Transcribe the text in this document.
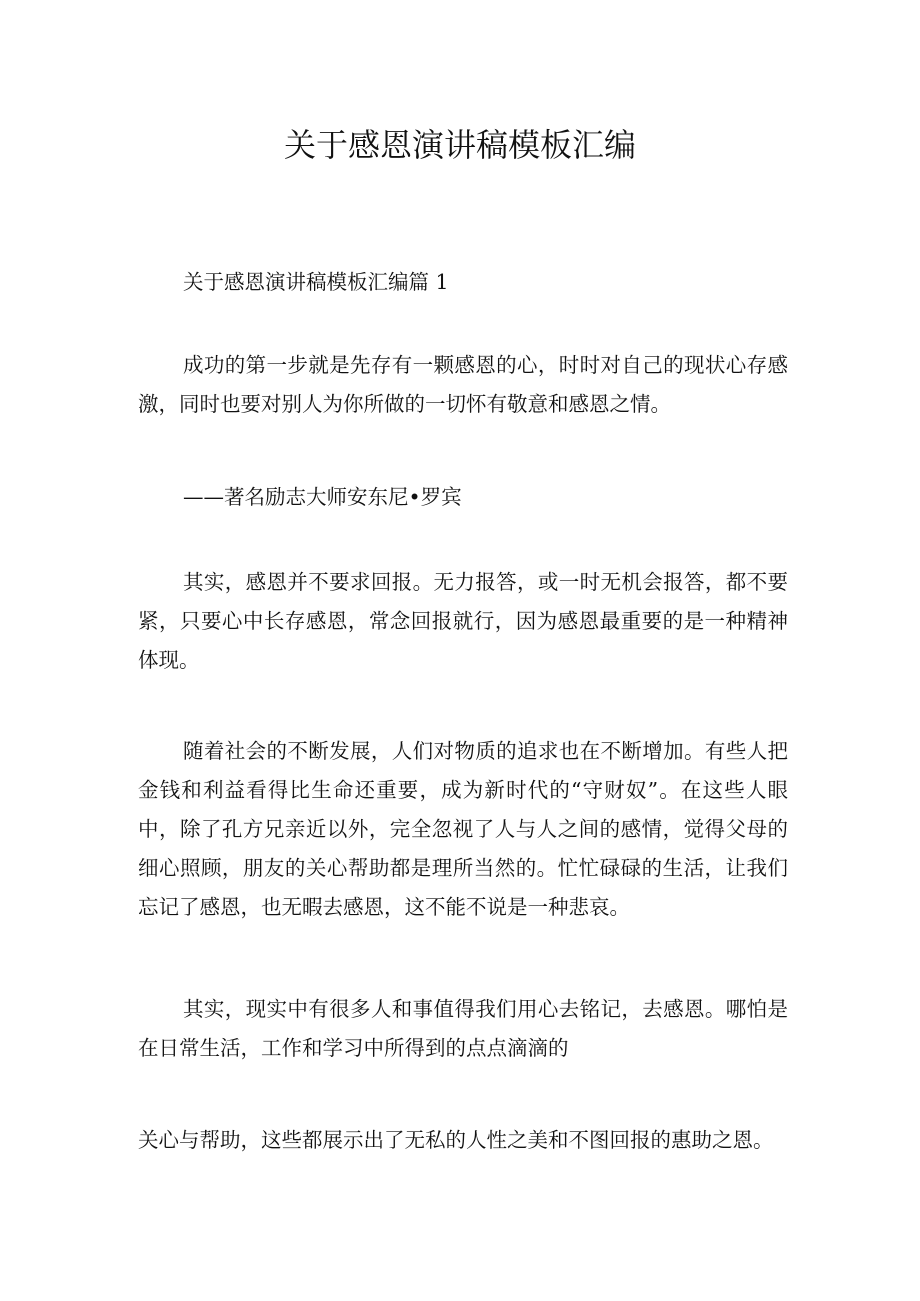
关于感恩演讲稿模板汇编

关于感恩演讲稿模板汇编篇 1

成功的第一步就是先存有一颗感恩的心，时时对自己的现状心存感激，同时也要对别人为你所做的一切怀有敬意和感恩之情。

——著名励志大师安东尼•罗宾

其实，感恩并不要求回报。无力报答，或一时无机会报答，都不要紧，只要心中长存感恩，常念回报就行，因为感恩最重要的是一种精神体现。

随着社会的不断发展，人们对物质的追求也在不断增加。有些人把金钱和利益看得比生命还重要，成为新时代的“守财奴”。在这些人眼中，除了孔方兄亲近以外，完全忽视了人与人之间的感情，觉得父母的细心照顾，朋友的关心帮助都是理所当然的。忙忙碌碌的生活，让我们忘记了感恩，也无暇去感恩，这不能不说是一种悲哀。

其实，现实中有很多人和事值得我们用心去铭记，去感恩。哪怕是在日常生活，工作和学习中所得到的点点滴滴的

关心与帮助，这些都展示出了无私的人性之美和不图回报的惠助之恩。
